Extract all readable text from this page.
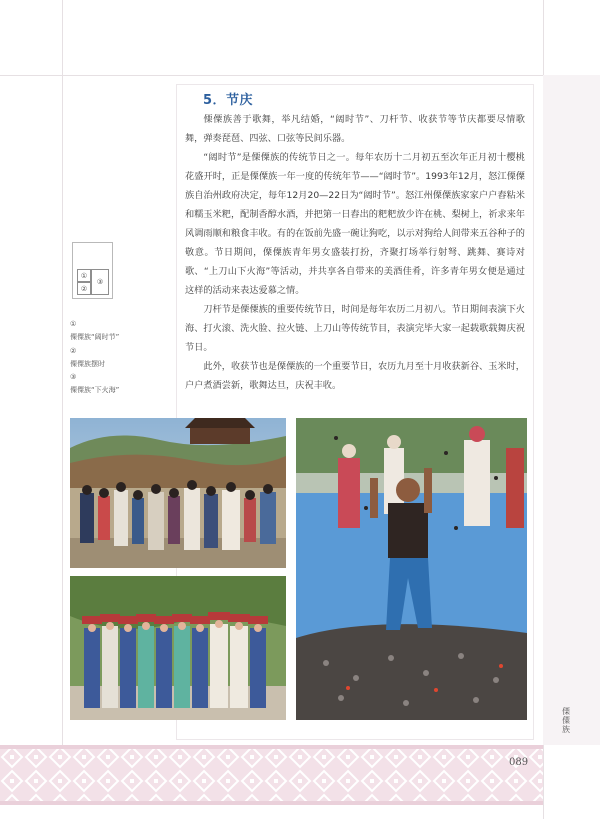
5．节庆

傈僳族善于歌舞，举凡结婚，“阔时节”、刀杆节、收获节等节庆都要尽情歌舞，弹奏琵琶、四弦、口弦等民间乐器。

“阔时节”是傈僳族的传统节日之一。每年农历十二月初五至次年正月初十樱桃花盛开时，正是傈僳族一年一度的传统年节——“阔时节”。1993年12月，怒江傈僳族自治州政府决定，每年12月20—22日为“阔时节”。怒江州傈僳族家家户户舂粘米和糯玉米粑，配制香醇水酒，并把第一日舂出的粑粑放少许在桃、梨树上，祈求来年风调雨顺和粮食丰收。有的在饭前先盛一碗让狗吃，以示对狗给人间带来五谷种子的敬意。节日期间，傈僳族青年男女盛装打扮，齐聚打场举行射弩、跳舞、赛诗对歌、“上刀山下火海”等活动，并共享各自带来的美酒佳肴，许多青年男女便是通过这样的活动来表达爱慕之情。

刀杆节是傈僳族的重要传统节日，时间是每年农历二月初八。节日期间表演下火海、打火滚、洗火脸、拉火链、上刀山等传统节目，表演完毕大家一起载歌载舞庆祝节日。

此外，收获节也是傈僳族的一个重要节日，农历九月至十月收获新谷、玉米时，户户煮酒尝新，歌舞达旦，庆祝丰收。

①
②
③
①
傈僳族“阔时节”
②
傈僳族摆时
③
傈僳族“下火海”
089
傈僳族
